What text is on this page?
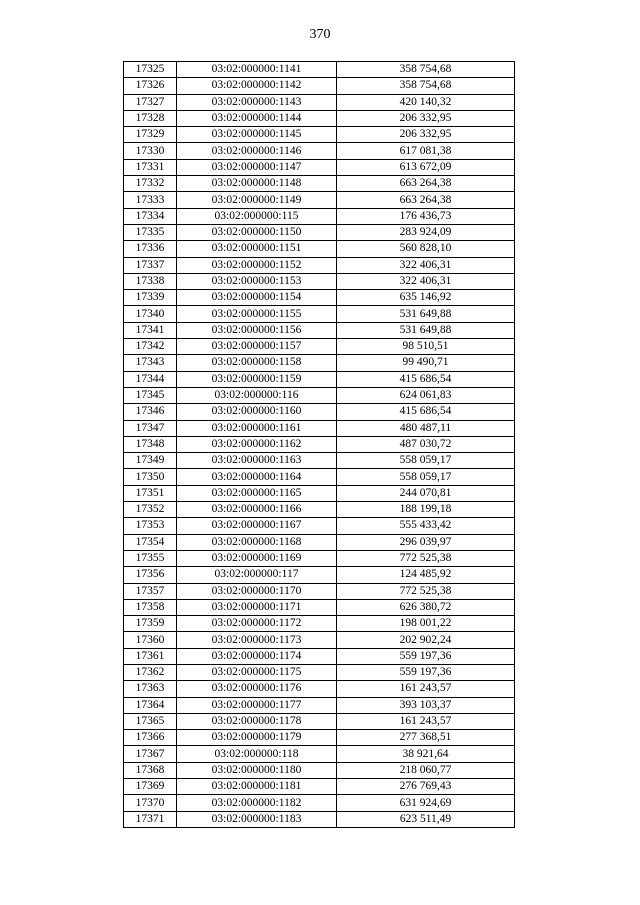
370
17325	03:02:000000:1141	358 754,68
17326	03:02:000000:1142	358 754,68
17327	03:02:000000:1143	420 140,32
17328	03:02:000000:1144	206 332,95
17329	03:02:000000:1145	206 332,95
17330	03:02:000000:1146	617 081,38
17331	03:02:000000:1147	613 672,09
17332	03:02:000000:1148	663 264,38
17333	03:02:000000:1149	663 264,38
17334	03:02:000000:115	176 436,73
17335	03:02:000000:1150	283 924,09
17336	03:02:000000:1151	560 828,10
17337	03:02:000000:1152	322 406,31
17338	03:02:000000:1153	322 406,31
17339	03:02:000000:1154	635 146,92
17340	03:02:000000:1155	531 649,88
17341	03:02:000000:1156	531 649,88
17342	03:02:000000:1157	98 510,51
17343	03:02:000000:1158	99 490,71
17344	03:02:000000:1159	415 686,54
17345	03:02:000000:116	624 061,83
17346	03:02:000000:1160	415 686,54
17347	03:02:000000:1161	480 487,11
17348	03:02:000000:1162	487 030,72
17349	03:02:000000:1163	558 059,17
17350	03:02:000000:1164	558 059,17
17351	03:02:000000:1165	244 070,81
17352	03:02:000000:1166	188 199,18
17353	03:02:000000:1167	555 433,42
17354	03:02:000000:1168	296 039,97
17355	03:02:000000:1169	772 525,38
17356	03:02:000000:117	124 485,92
17357	03:02:000000:1170	772 525,38
17358	03:02:000000:1171	626 380,72
17359	03:02:000000:1172	198 001,22
17360	03:02:000000:1173	202 902,24
17361	03:02:000000:1174	559 197,36
17362	03:02:000000:1175	559 197,36
17363	03:02:000000:1176	161 243,57
17364	03:02:000000:1177	393 103,37
17365	03:02:000000:1178	161 243,57
17366	03:02:000000:1179	277 368,51
17367	03:02:000000:118	38 921,64
17368	03:02:000000:1180	218 060,77
17369	03:02:000000:1181	276 769,43
17370	03:02:000000:1182	631 924,69
17371	03:02:000000:1183	623 511,49
